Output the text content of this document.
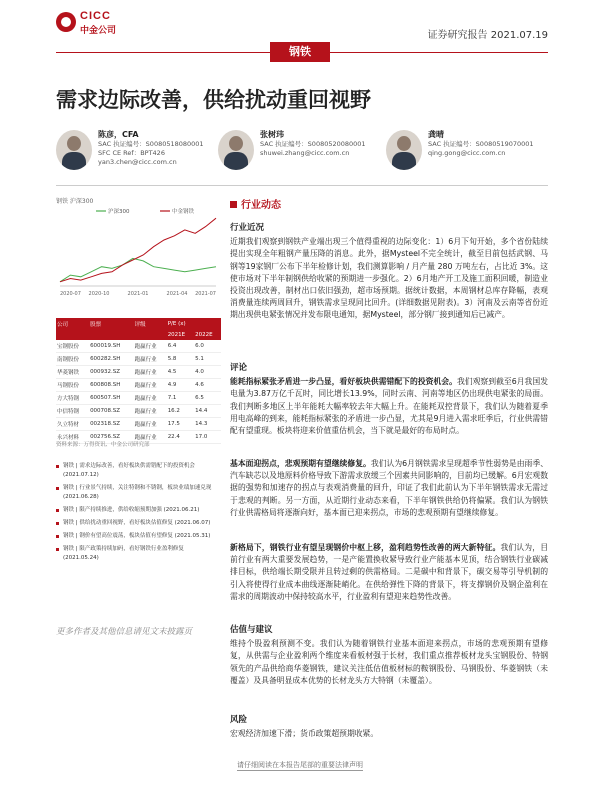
CICC
中金公司	证券研究报告 2021.07.19
钢铁
需求边际改善，供给扰动重回视野
陈彦，CFA
SAC 执证编号：S0080518080001
SFC CE Ref：BPT426
yan3.chen@cicc.com.cn
张树玮
SAC 执证编号：S0080520080001
shuwei.zhang@cicc.com.cn
龚晴
SAC 执证编号：S0080519070001
qing.gong@cicc.com.cn
钢铁 沪深300
沪深300	中金钢铁
2020-07 2020-10	2021-01	2021-04 2021-07
公司	股票	评级	P/E (x)	
			2021E	2022E
宝钢股份	600019.SH	跑赢行业	6.4	6.0
南钢股份	600282.SH	跑赢行业	5.8	5.1
华菱钢铁	000932.SZ	跑赢行业	4.5	4.0
马钢股份	600808.SH	跑赢行业	4.9	4.6
方大特钢	600507.SH	跑赢行业	7.1	6.5
中信特钢	000708.SZ	跑赢行业	16.2	14.4
久立特材	002318.SZ	跑赢行业	17.5	14.3
永兴材料	002756.SZ	跑赢行业	22.4	17.0
资料来源：万得资讯、中金公司研究部
钢铁 | 需求边际改善，看好板块供需错配下的投资机会 (2021.07.12)
钢铁 | 行业景气持续，关注特钢和不锈钢，板块业绩加速兑现 (2021.06.28)
钢铁 | 限产持续推进，供给收缩预期加强 (2021.06.21)
钢铁 | 供给扰动重回视野，看好板块估值修复 (2021.06.07)
钢铁 | 钢价有望高位震荡，板块估值有望修复 (2021.05.31)
钢铁 | 限产政策持续加码，看好钢铁行业盈利修复 (2021.05.24)
更多作者及其他信息请见文末披露页
行业动态
行业近况
近期我们观察到钢铁产业端出现三个值得重视的边际变化：1）6月下旬开始，多个省份陆续提出实现全年粗钢产量压降的消息。此外，据Mysteel不完全统计，截至目前包括武钢、马钢等19家钢厂公布下半年检修计划，我们测算影响 / 月产量 280 万吨左右，占比近 3%。这使市场对下半年制钢供给收紧的预期进一步强化。2）6月地产开工及施工面积回暖，制造业投资出现改善，制材出口依旧强劲，超市场预期。据统计数据，本周钢材总库存降幅，表观消费量连续两周回升，钢铁需求呈现同比回升。(详细数据见附表)。3）河南及云南等省份近期出现供电紧张情况并发布限电通知，据Mysteel，部分钢厂接到通知后已减产。
评论
能耗指标紧张矛盾进一步凸显，看好板块供需错配下的投资机会。我们观察到截至6月我国发电量为3.87万亿千瓦时，同比增长13.9%，同时云南、河南等地区仍出现供电紧张的局面。我们判断多地区上半年能耗大幅率较去年大幅上升。在能耗双控背景下，我们认为随着夏季用电高峰的到来，能耗指标紧张的矛盾进一步凸显，尤其是9月进入需求旺季后，行业供需错配有望重现。板块将迎来价值重估机会，当下就是最好的布局时点。
基本面迎拐点，悲观预期有望继续修复。我们认为6月钢铁需求呈现超季节性弱势是由雨季、汽车缺芯以及地原料价格导致下游需求放缓三个因素共同影响的，目前均已缓解。6月宏观数据的强势和加速存的拐点与表观消费量的回升，印证了我们此前认为下半年钢铁需求无需过于悲观的判断。另一方面，从近期行业动态来看，下半年钢铁供给仍将偏紧。我们认为钢铁行业供需格局将逐渐向好，基本面已迎来拐点，市场的悲观预期有望继续修复。
新格局下，钢铁行业有望呈现钢价中枢上移，盈利趋势性改善的两大新特征。我们认为，目前行业有两大重要发展趋势，一是产能置换收紧导致行业产能基本见顶，结合钢铁行业碳减排目标，供给端长期受限并且转过剩的供需格局。二是碳中和背景下，碳交易等引导机制的引入将使得行业成本曲线逐渐陡峭化。在供给弹性下降的背景下，将支撑钢价及钢企盈利在需求的周期波动中保持较高水平，行业盈利有望迎来趋势性改善。
估值与建议
维持个股盈利预测不变。我们认为随着钢铁行业基本面迎来拐点，市场的悲观预期有望修复，从供需与企业盈利两个维度来看板材强于长材，我们重点推荐板材龙头宝钢股份、特钢领先的产品供给商华菱钢铁，建议关注低估值板材标的鞍钢股份、马钢股份、华菱钢铁（未覆盖）及具备明显成本优势的长材龙头方大特钢（未覆盖）。
风险
宏观经济加速下滑；货币政策超预期收紧。
请仔细阅读在本报告尾部的重要法律声明
